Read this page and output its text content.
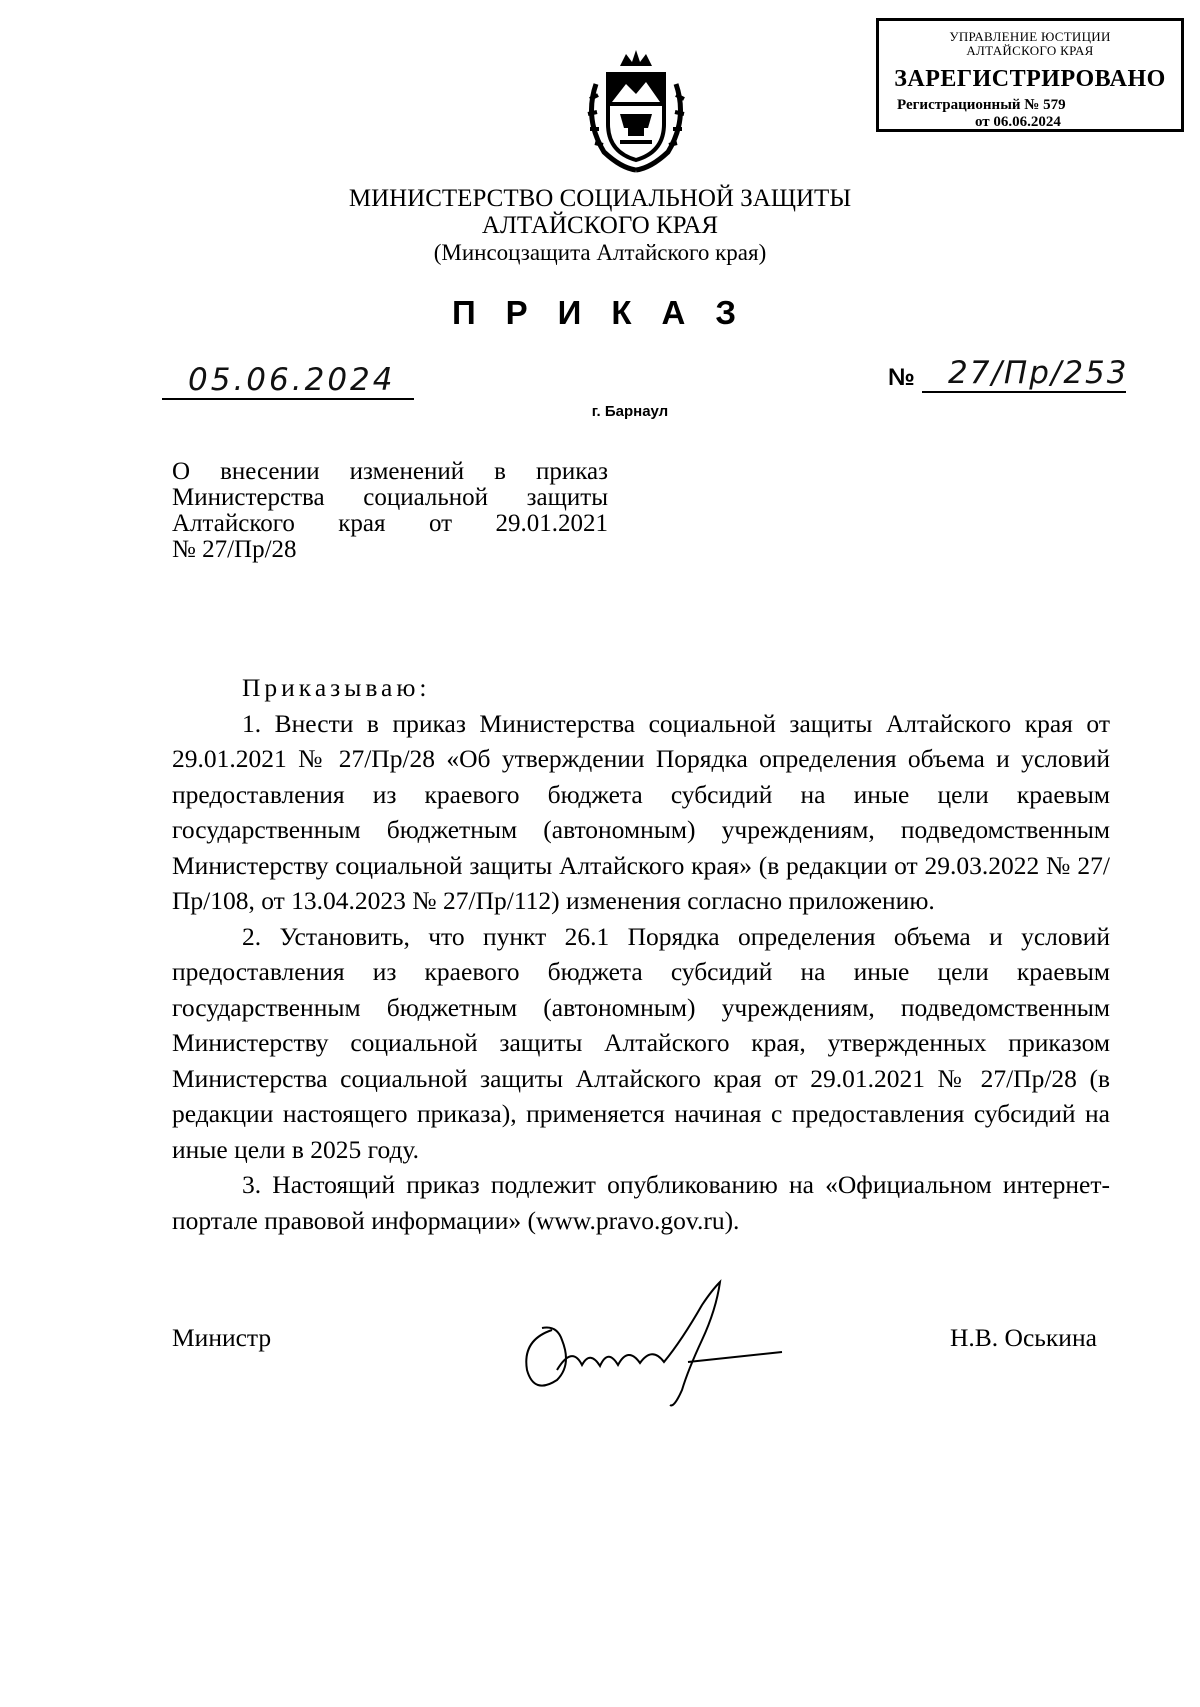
УПРАВЛЕНИЕ ЮСТИЦИИ
АЛТАЙСКОГО КРАЯ
ЗАРЕГИСТРИРОВАНО
Регистрационный № 579
от 06.06.2024
МИНИСТЕРСТВО СОЦИАЛЬНОЙ ЗАЩИТЫ
АЛТАЙСКОГО КРАЯ
(Минсоцзащита Алтайского края)
ПРИКАЗ
05.06.2024	№ 27/Пр/253
г. Барнаул
О внесении изменений в приказ
Министерства социальной защиты
Алтайского края от 29.01.2021
№ 27/Пр/28
Приказываю:

1. Внести в приказ Министерства социальной защиты Алтайского края от 29.01.2021 № 27/Пр/28 «Об утверждении Порядка определения объема и условий предоставления из краевого бюджета субсидий на иные цели краевым государственным бюджетным (автономным) учреждениям, подведомственным Министерству социальной защиты Алтайского края» (в редакции от 29.03.2022 № 27/Пр/108, от 13.04.2023 № 27/Пр/112) изменения согласно приложению.

2. Установить, что пункт 26.1 Порядка определения объема и условий предоставления из краевого бюджета субсидий на иные цели краевым государственным бюджетным (автономным) учреждениям, подведомственным Министерству социальной защиты Алтайского края, утвержденных приказом Министерства социальной защиты Алтайского края от 29.01.2021 № 27/Пр/28 (в редакции настоящего приказа), применяется начиная с предоставления субсидий на иные цели в 2025 году.

3. Настоящий приказ подлежит опубликованию на «Официальном интернет-портале правовой информации» (www.pravo.gov.ru).

Министр	Н.В. Оськина
